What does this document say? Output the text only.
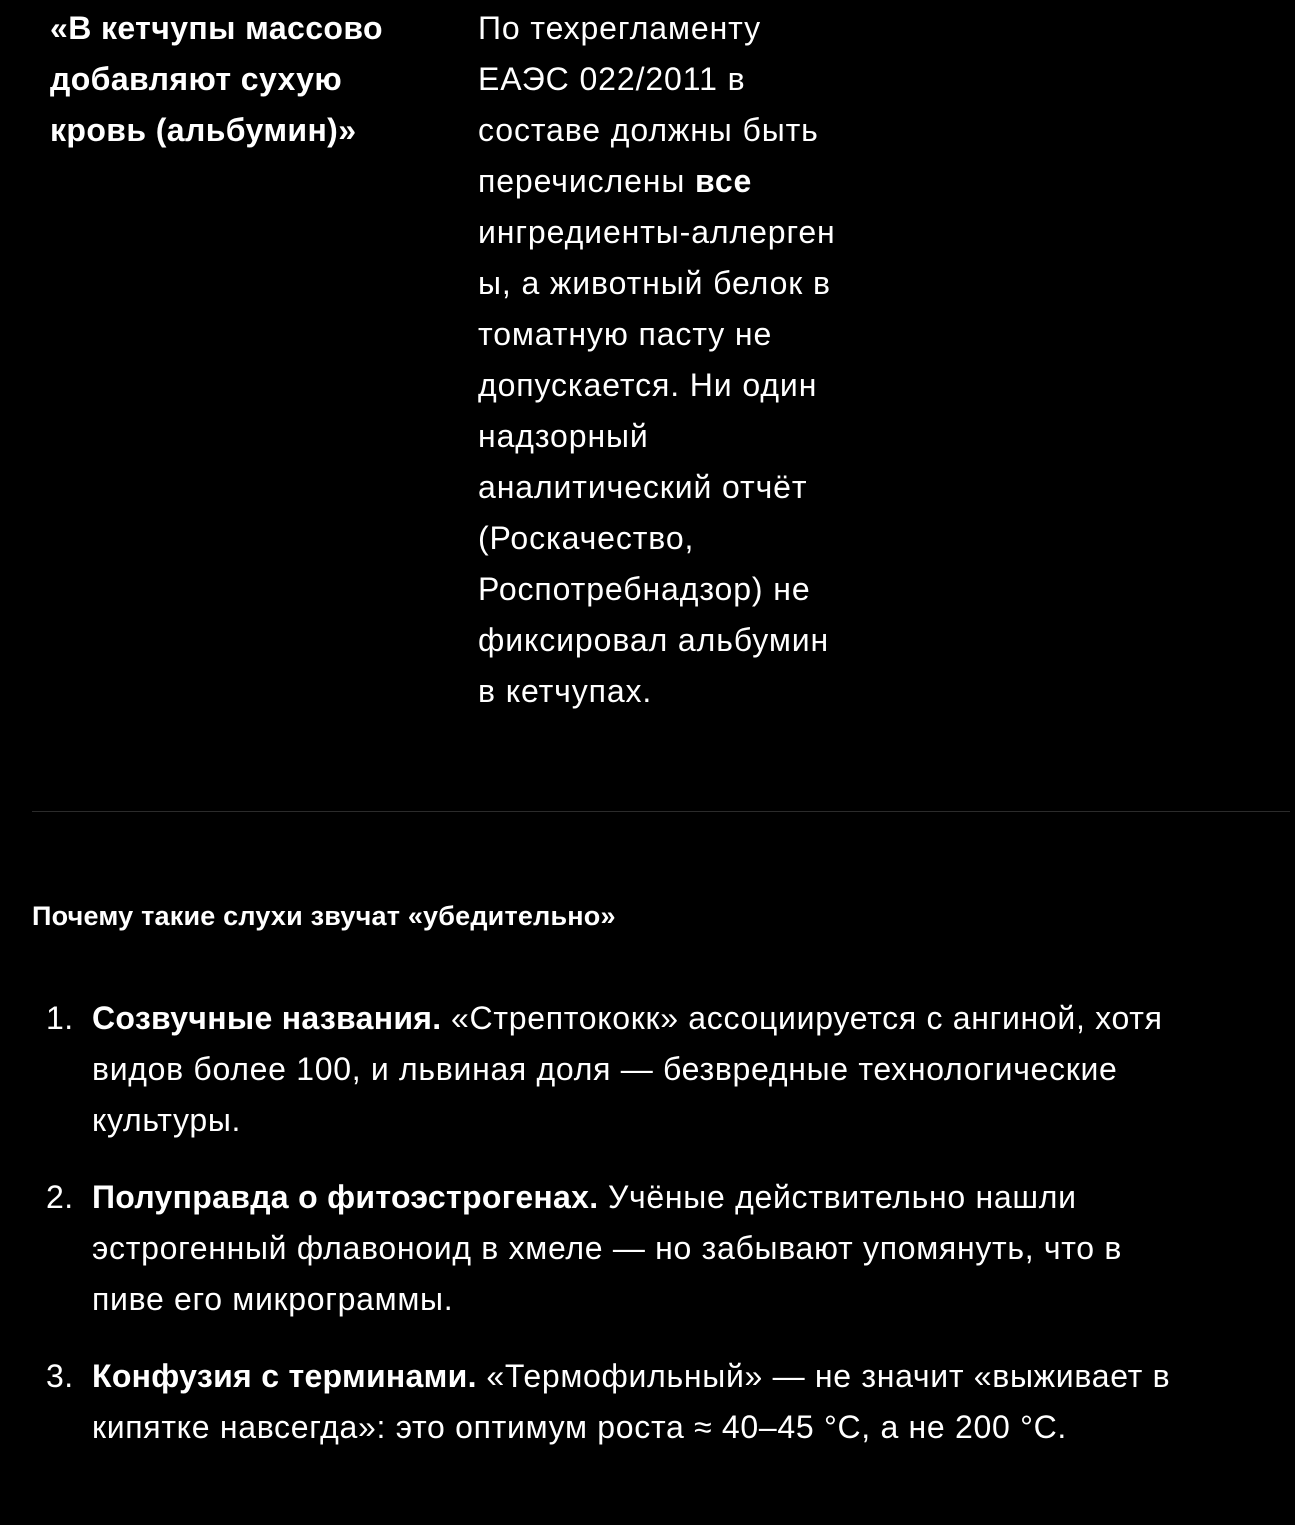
«В кетчупы массово
добавляют сухую
кровь (альбумин)»
По техрегламенту
ЕАЭС 022/2011 в
составе должны быть
перечислены все
ингредиенты-аллерген
ы, а животный белок в
томатную пасту не
допускается. Ни один
надзорный
аналитический отчёт
(Роскачество,
Роспотребнадзор) не
фиксировал альбумин
в кетчупах.
Почему такие слухи звучат «убедительно»
1. Созвучные названия. «Стрептококк» ассоциируется с ангиной, хотя
видов более 100, и львиная доля — безвредные технологические
культуры.
2. Полуправда о фитоэстрогенах. Учёные действительно нашли
эстрогенный флавоноид в хмеле — но забывают упомянуть, что в
пиве его микрограммы.
3. Конфузия с терминами. «Термофильный» — не значит «выживает в
кипятке навсегда»: это оптимум роста ≈ 40–45 °C, а не 200 °C.
